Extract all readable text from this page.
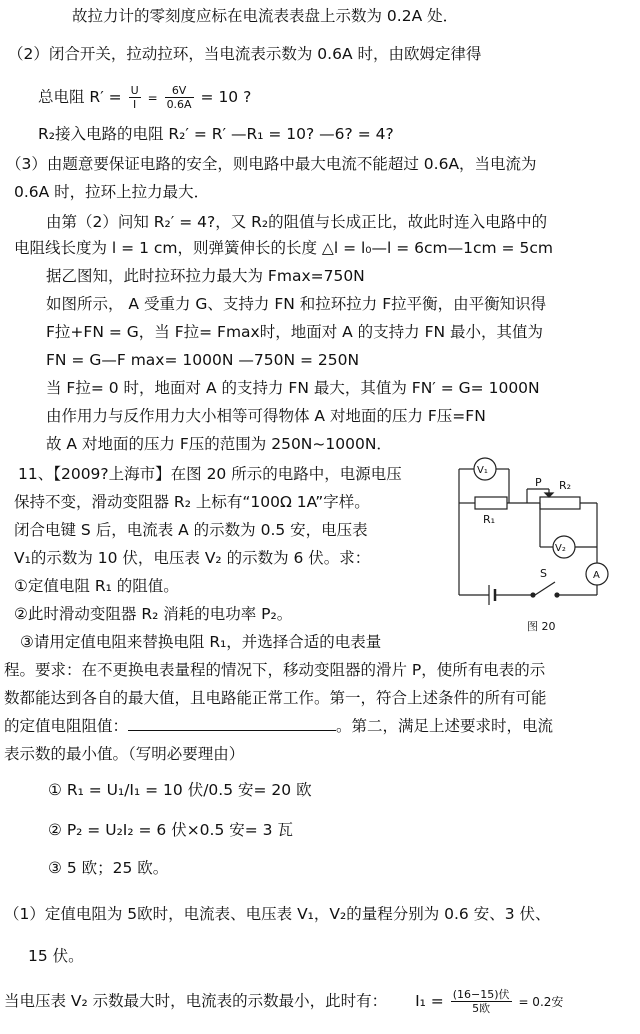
故拉力计的零刻度应标在电流表表盘上示数为 0.2A 处．
（2）闭合开关，拉动拉环，当电流表示数为 0.6A 时，由欧姆定律得
总电阻 $R' = \frac{U}{I} = \frac{6V}{0.6A} = 10$ ?
R₂接入电路的电阻 R₂′ = R′ —R₁ = 10? —6? = 4?
（3）由题意要保证电路的安全，则电路中最大电流不能超过 0.6A，当电流为
0.6A 时，拉环上拉力最大．
由第（2）问知 R₂′ = 4?，又 R₂的阻值与长成正比，故此时连入电路中的
电阻线长度为 l = 1 cm，则弹簧伸长的长度 △l = l₀—l = 6cm—1cm = 5cm
据乙图知，此时拉环拉力最大为 Fmax=750N
如图所示， A 受重力 G、支持力 FN 和拉环拉力 F拉平衡，由平衡知识得
F拉+FN = G，当 F拉= Fmax时，地面对 A 的支持力 FN 最小，其值为
FN = G—F max= 1000N —750N = 250N
当 F拉= 0 时，地面对 A 的支持力 FN 最大，其值为 FN′ = G= 1000N
由作用力与反作用力大小相等可得物体 A 对地面的压力 F压=FN
故 A 对地面的压力 F压的范围为 250N~1000N．
11、【2009?上海市】在图 20 所示的电路中，电源电压
保持不变，滑动变阻器 R₂ 上标有“100Ω 1A”字样。
闭合电键 S 后，电流表 A 的示数为 0.5 安，电压表
V₁的示数为 10 伏，电压表 V₂ 的示数为 6 伏。求：
①定值电阻 R₁ 的阻值。
②此时滑动变阻器 R₂ 消耗的电功率 P₂。
③请用定值电阻来替换电阻 R₁，并选择合适的电表量
程。要求：在不更换电表量程的情况下，移动变阻器的滑片 P，使所有电表的示
数都能达到各自的最大值，且电路能正常工作。第一，符合上述条件的所有可能
的定值电阻阻值：	。第二，满足上述要求时，电流
表示数的最小值。（写明必要理由）
① R₁ = U₁/I₁ = 10 伏/0.5 安= 20 欧
② P₂ = U₂I₂ = 6 伏×0.5 安= 3 瓦
③ 5 欧；25 欧。
（1）定值电阻为 5欧时，电流表、电压表 V₁，V₂的量程分别为 0.6 安、3 伏、
15 伏。
当电压表 V₂ 示数最大时，电流表的示数最小，此时有： $I_1 = \frac{\text{(16−15)伏}}{\text{5欧}} = 0.2$安
V₁
V₂
A
R₁
R₂
P
S
图 20
